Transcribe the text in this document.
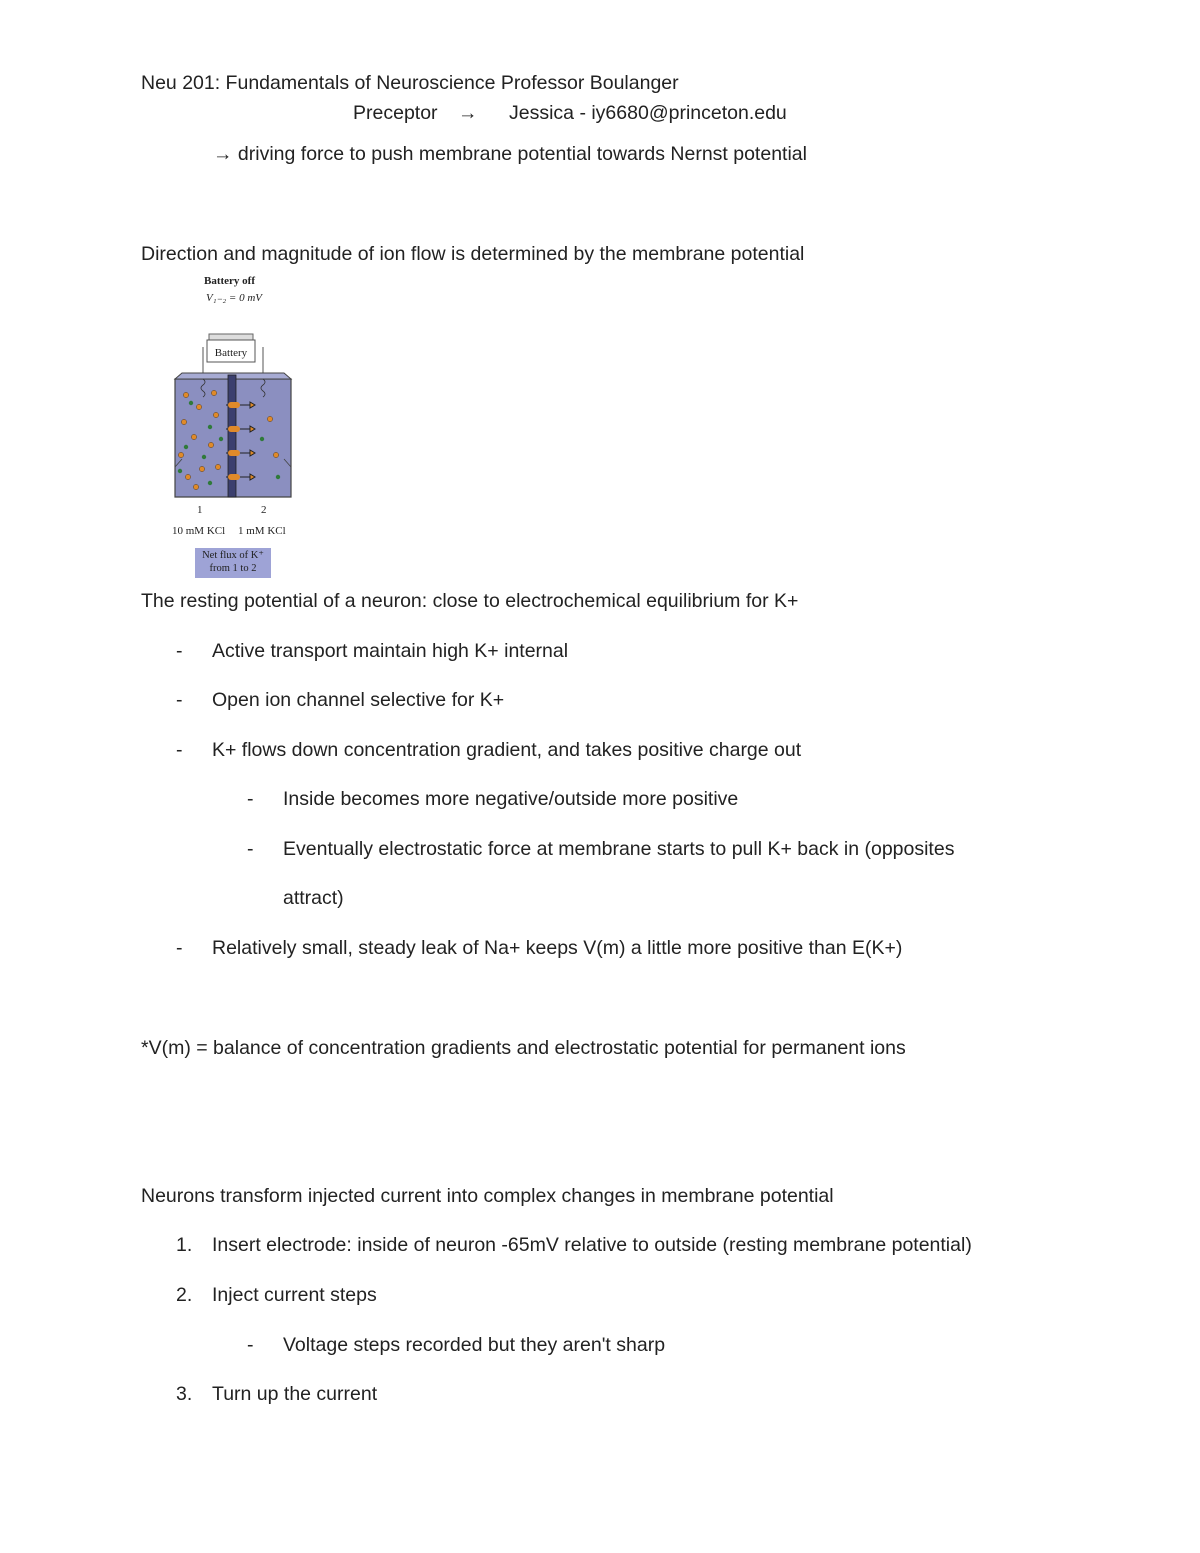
Neu 201: Fundamentals of Neuroscience Professor Boulanger
Preceptor → Jessica - iy6680@princeton.edu
→ driving force to push membrane potential towards Nernst potential
Direction and magnitude of ion flow is determined by the membrane potential
Battery off
V₁₋₂ = 0 mV
Battery
1	2
10 mM KCl 1 mM KCl
Net flux of K⁺
from 1 to 2
The resting potential of a neuron: close to electrochemical equilibrium for K+
- Active transport maintain high K+ internal
- Open ion channel selective for K+
- K+ flows down concentration gradient, and takes positive charge out
- Inside becomes more negative/outside more positive
- Eventually electrostatic force at membrane starts to pull K+ back in (opposites
attract)
- Relatively small, steady leak of Na+ keeps V(m) a little more positive than E(K+)
*V(m) = balance of concentration gradients and electrostatic potential for permanent ions
Neurons transform injected current into complex changes in membrane potential
1. Insert electrode: inside of neuron -65mV relative to outside (resting membrane potential)
2. Inject current steps
- Voltage steps recorded but they aren't sharp
3. Turn up the current
